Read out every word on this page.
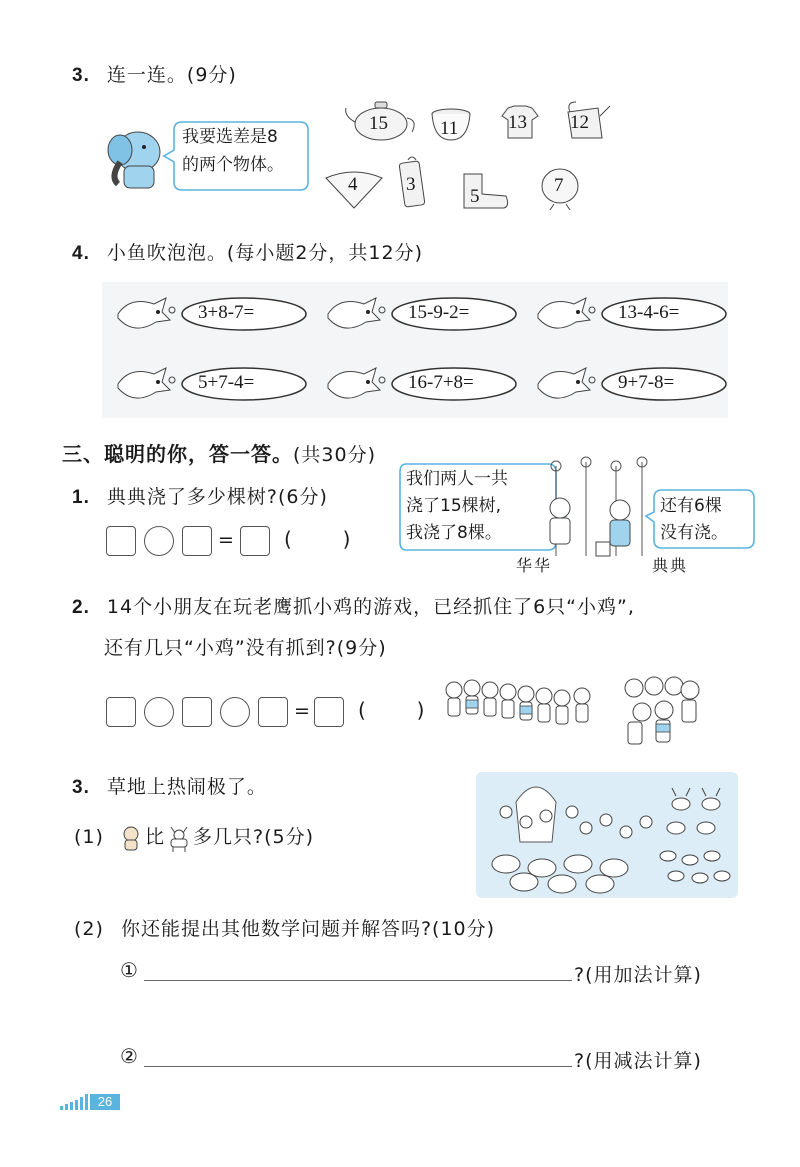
3. 连一连。(9分)
我要选差是8
的两个物体。
15	11	13 12
4	3
5
7
4. 小鱼吹泡泡。(每小题2分，共12分)
3+8-7=	15-9-2=	13-4-6=
5+7-4=	16-7+8=	9+7-8=
三、聪明的你，答一答。(共30分)
1. 典典浇了多少棵树?(6分)
= (        )
我们两人一共
浇了15棵树,
我浇了8棵。
还有6棵
没有浇。
华华	典典
2. 14个小朋友在玩老鹰抓小鸡的游戏，已经抓住了6只“小鸡”,
还有几只“小鸡”没有抓到?(9分)
= (        )
3. 草地上热闹极了。
(1) 比 多几只?(5分)
(2) 你还能提出其他数学问题并解答吗?(10分)
①	?(用加法计算)
②	?(用减法计算)
26
